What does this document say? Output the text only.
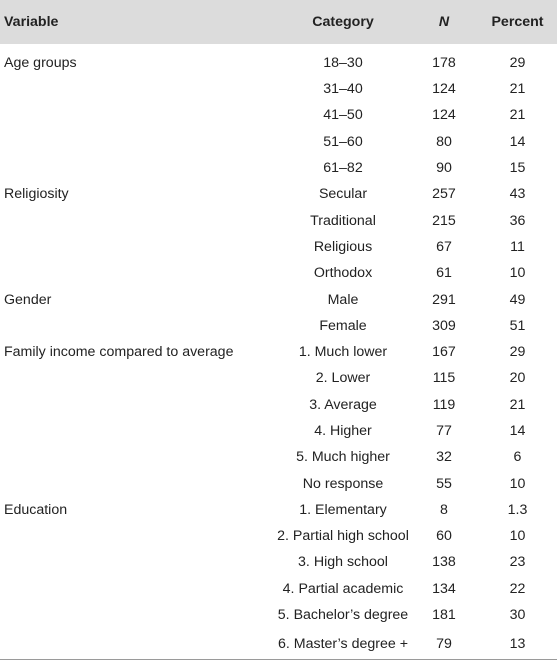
Variable	Category	N	Percent
Age groups	18–30	178	29
	31–40	124	21
	41–50	124	21
	51–60	80	14
	61–82	90	15
Religiosity	Secular	257	43
	Traditional	215	36
	Religious	67	11
	Orthodox	61	10
Gender	Male	291	49
	Female	309	51
Family income compared to average	1. Much lower	167	29
	2. Lower	115	20
	3. Average	119	21
	4. Higher	77	14
	5. Much higher	32	6
	No response	55	10
Education	1. Elementary	8	1.3
	2. Partial high school	60	10
	3. High school	138	23
	4. Partial academic	134	22
	5. Bachelor’s degree	181	30
	6. Master’s degree +	79	13
